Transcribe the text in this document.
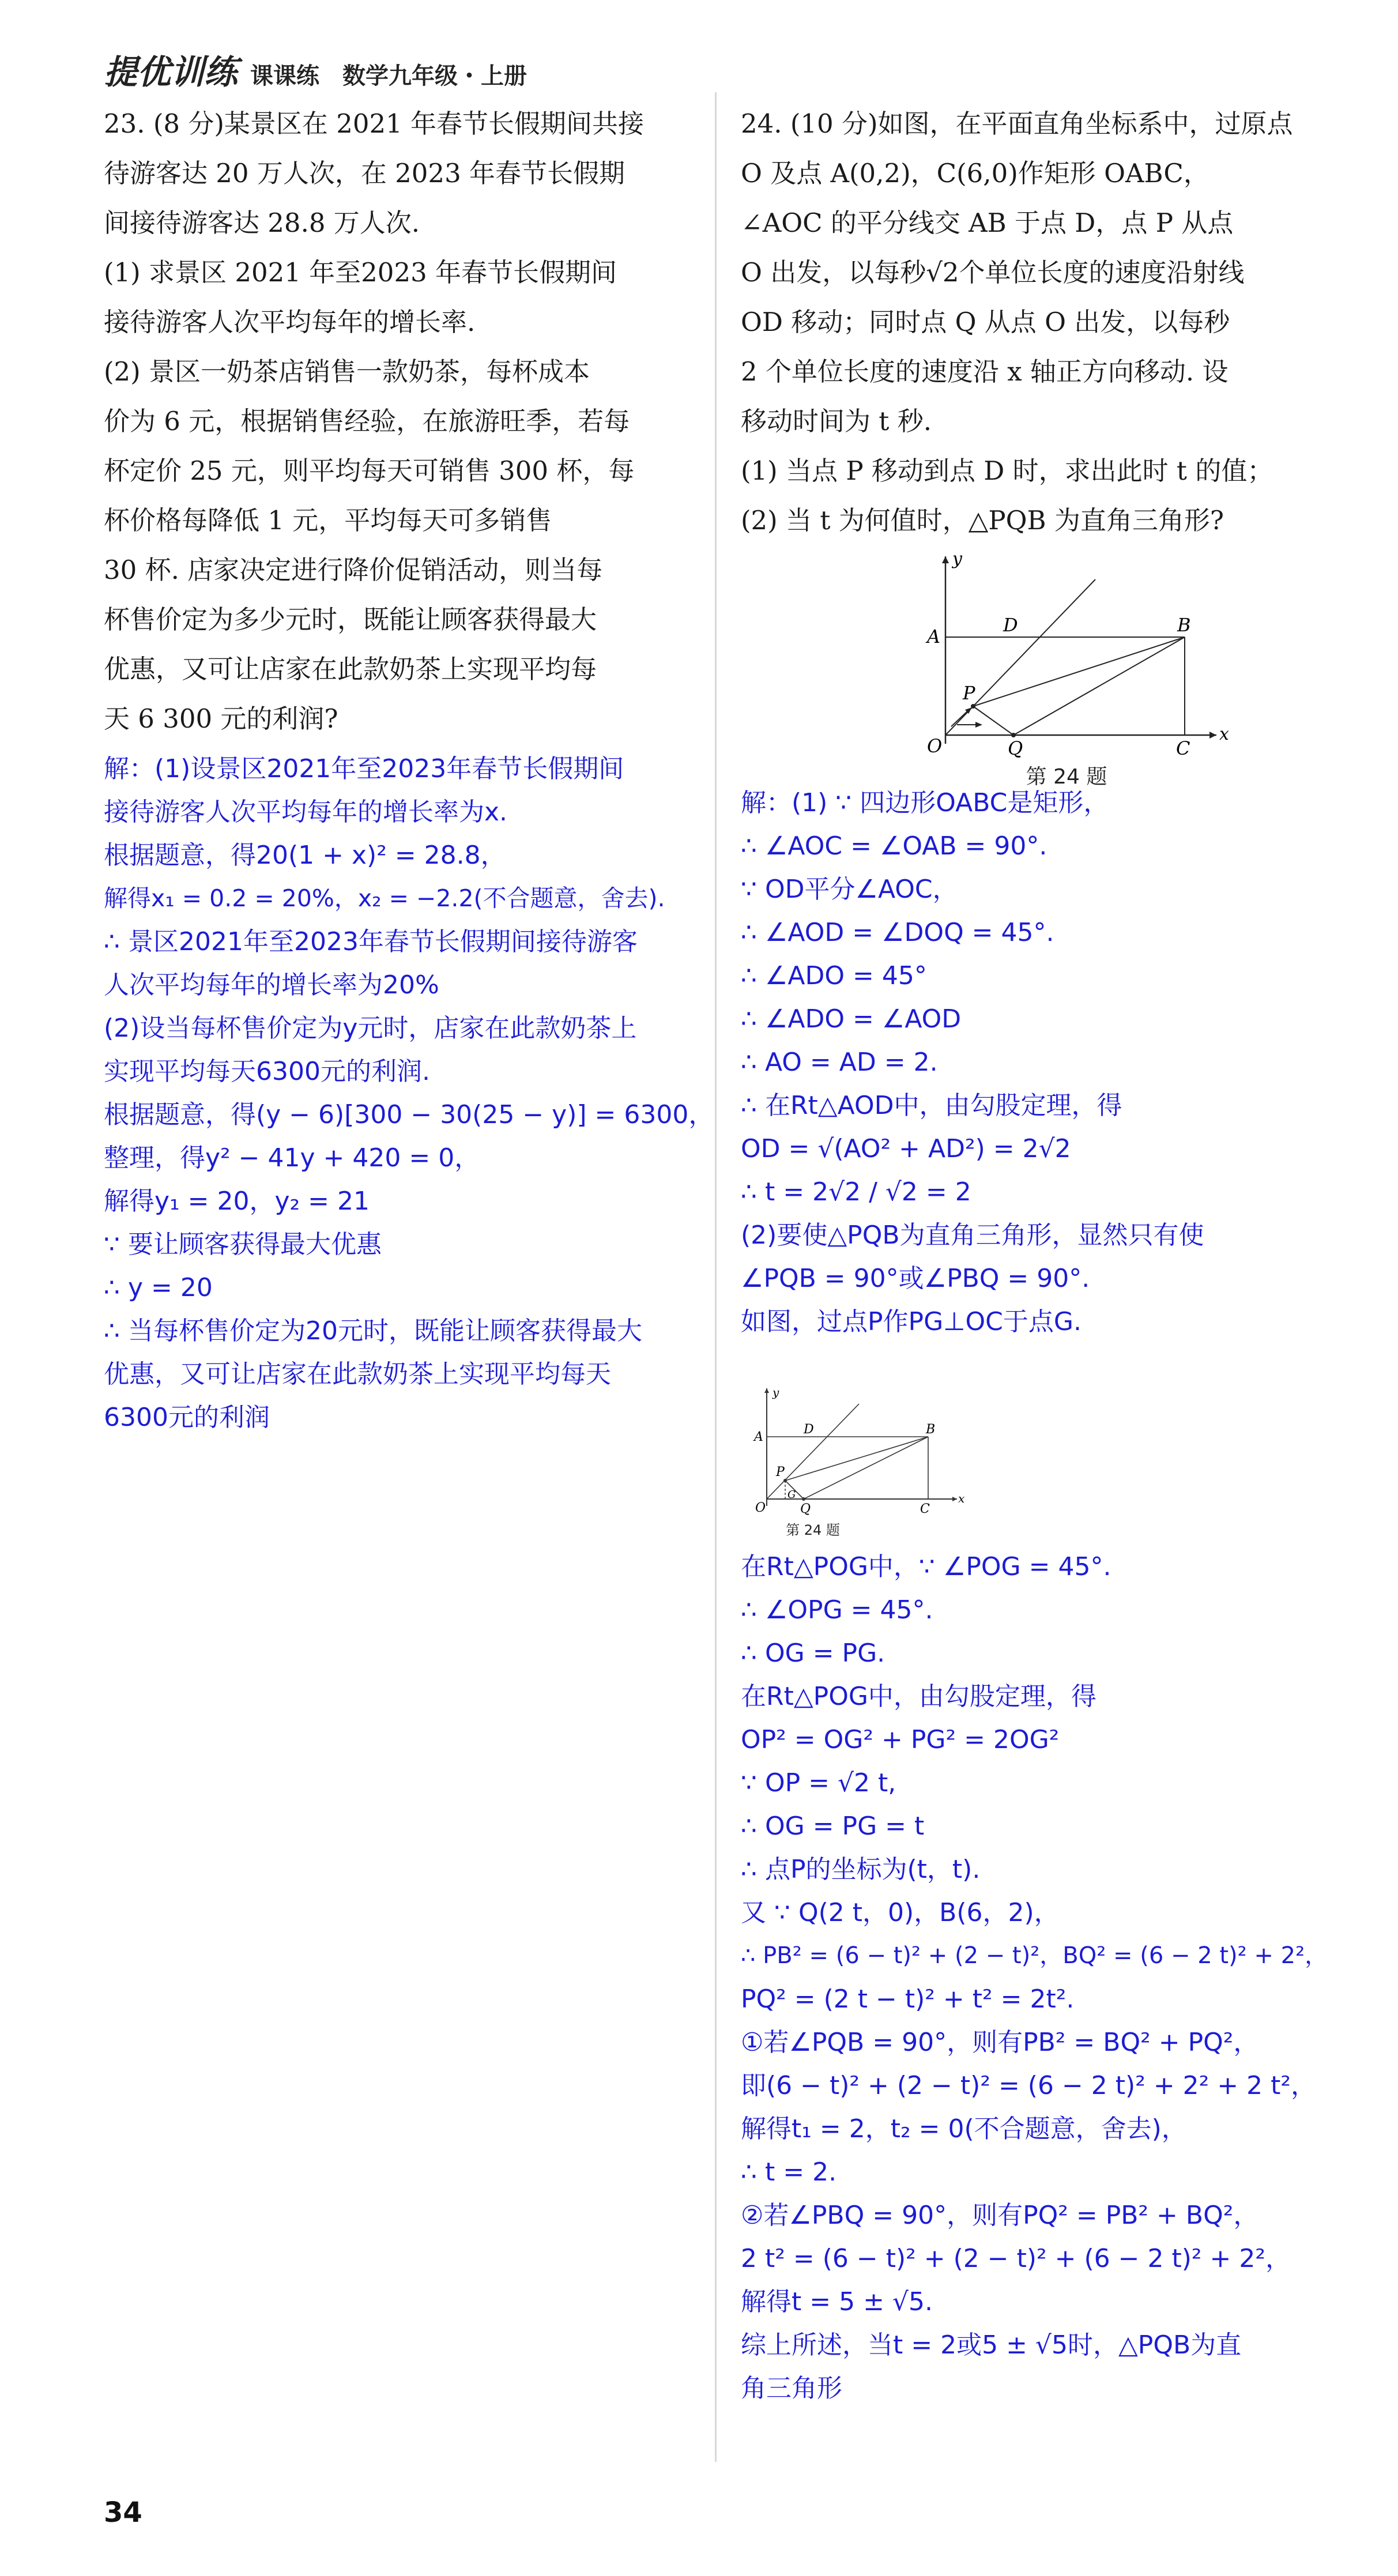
提优训练 课课练　数学九年级・上册
23. (8 分)某景区在 2021 年春节长假期间共接
待游客达 20 万人次，在 2023 年春节长假期
间接待游客达 28.8 万人次.
(1) 求景区 2021 年至2023 年春节长假期间
接待游客人次平均每年的增长率.
(2) 景区一奶茶店销售一款奶茶，每杯成本
价为 6 元，根据销售经验，在旅游旺季，若每
杯定价 25 元，则平均每天可销售 300 杯，每
杯价格每降低 1 元，平均每天可多销售
30 杯. 店家决定进行降价促销活动，则当每
杯售价定为多少元时，既能让顾客获得最大
优惠，又可让店家在此款奶茶上实现平均每
天 6 300 元的利润?
解：(1)设景区2021年至2023年春节长假期间
接待游客人次平均每年的增长率为x.
根据题意，得20(1 + x)² = 28.8，
解得x₁ = 0.2 = 20%，x₂ = −2.2(不合题意，舍去).
∴ 景区2021年至2023年春节长假期间接待游客
人次平均每年的增长率为20%
(2)设当每杯售价定为y元时，店家在此款奶茶上
实现平均每天6300元的利润.
根据题意，得(y − 6)[300 − 30(25 − y)] = 6300，
整理，得y² − 41y + 420 = 0，
解得y₁ = 20，y₂ = 21
∵ 要让顾客获得最大优惠
∴ y = 20
∴ 当每杯售价定为20元时，既能让顾客获得最大
优惠，又可让店家在此款奶茶上实现平均每天
6300元的利润
24. (10 分)如图，在平面直角坐标系中，过原点
O 及点 A(0,2)，C(6,0)作矩形 OABC，
∠AOC 的平分线交 AB 于点 D，点 P 从点
O 出发，以每秒√2个单位长度的速度沿射线
OD 移动；同时点 Q 从点 O 出发，以每秒
2 个单位长度的速度沿 x 轴正方向移动. 设
移动时间为 t 秒.
(1) 当点 P 移动到点 D 时，求出此时 t 的值；
(2) 当 t 为何值时，△PQB 为直角三角形?
y
x
A
D	B
P
O	Q	C
第 24 题
解：(1) ∵ 四边形OABC是矩形，
∴ ∠AOC = ∠OAB = 90°.
∵ OD平分∠AOC，
∴ ∠AOD = ∠DOQ = 45°.
∴ ∠ADO = 45°
∴ ∠ADO = ∠AOD
∴ AO = AD = 2.
∴ 在Rt△AOD中，由勾股定理，得
OD = √(AO² + AD²) = 2√2
∴ t = 2√2 / √2 = 2
(2)要使△PQB为直角三角形，显然只有使
∠PQB = 90°或∠PBQ = 90°.
如图，过点P作PG⊥OC于点G.
y
x
A
D	B
P
O
G
Q	C
第 24 题
在Rt△POG中，∵ ∠POG = 45°.
∴ ∠OPG = 45°.
∴ OG = PG.
在Rt△POG中，由勾股定理，得
OP² = OG² + PG² = 2OG²
∵ OP = √2 t,
∴ OG = PG = t
∴ 点P的坐标为(t，t).
又 ∵ Q(2 t，0)，B(6，2)，
∴ PB² = (6 − t)² + (2 − t)²，BQ² = (6 − 2 t)² + 2²，
PQ² = (2 t − t)² + t² = 2t².
①若∠PQB = 90°，则有PB² = BQ² + PQ²，
即(6 − t)² + (2 − t)² = (6 − 2 t)² + 2² + 2 t²，
解得t₁ = 2，t₂ = 0(不合题意，舍去)，
∴ t = 2.
②若∠PBQ = 90°，则有PQ² = PB² + BQ²，
2 t² = (6 − t)² + (2 − t)² + (6 − 2 t)² + 2²，
解得t = 5 ± √5.
综上所述，当t = 2或5 ± √5时，△PQB为直
角三角形
34
